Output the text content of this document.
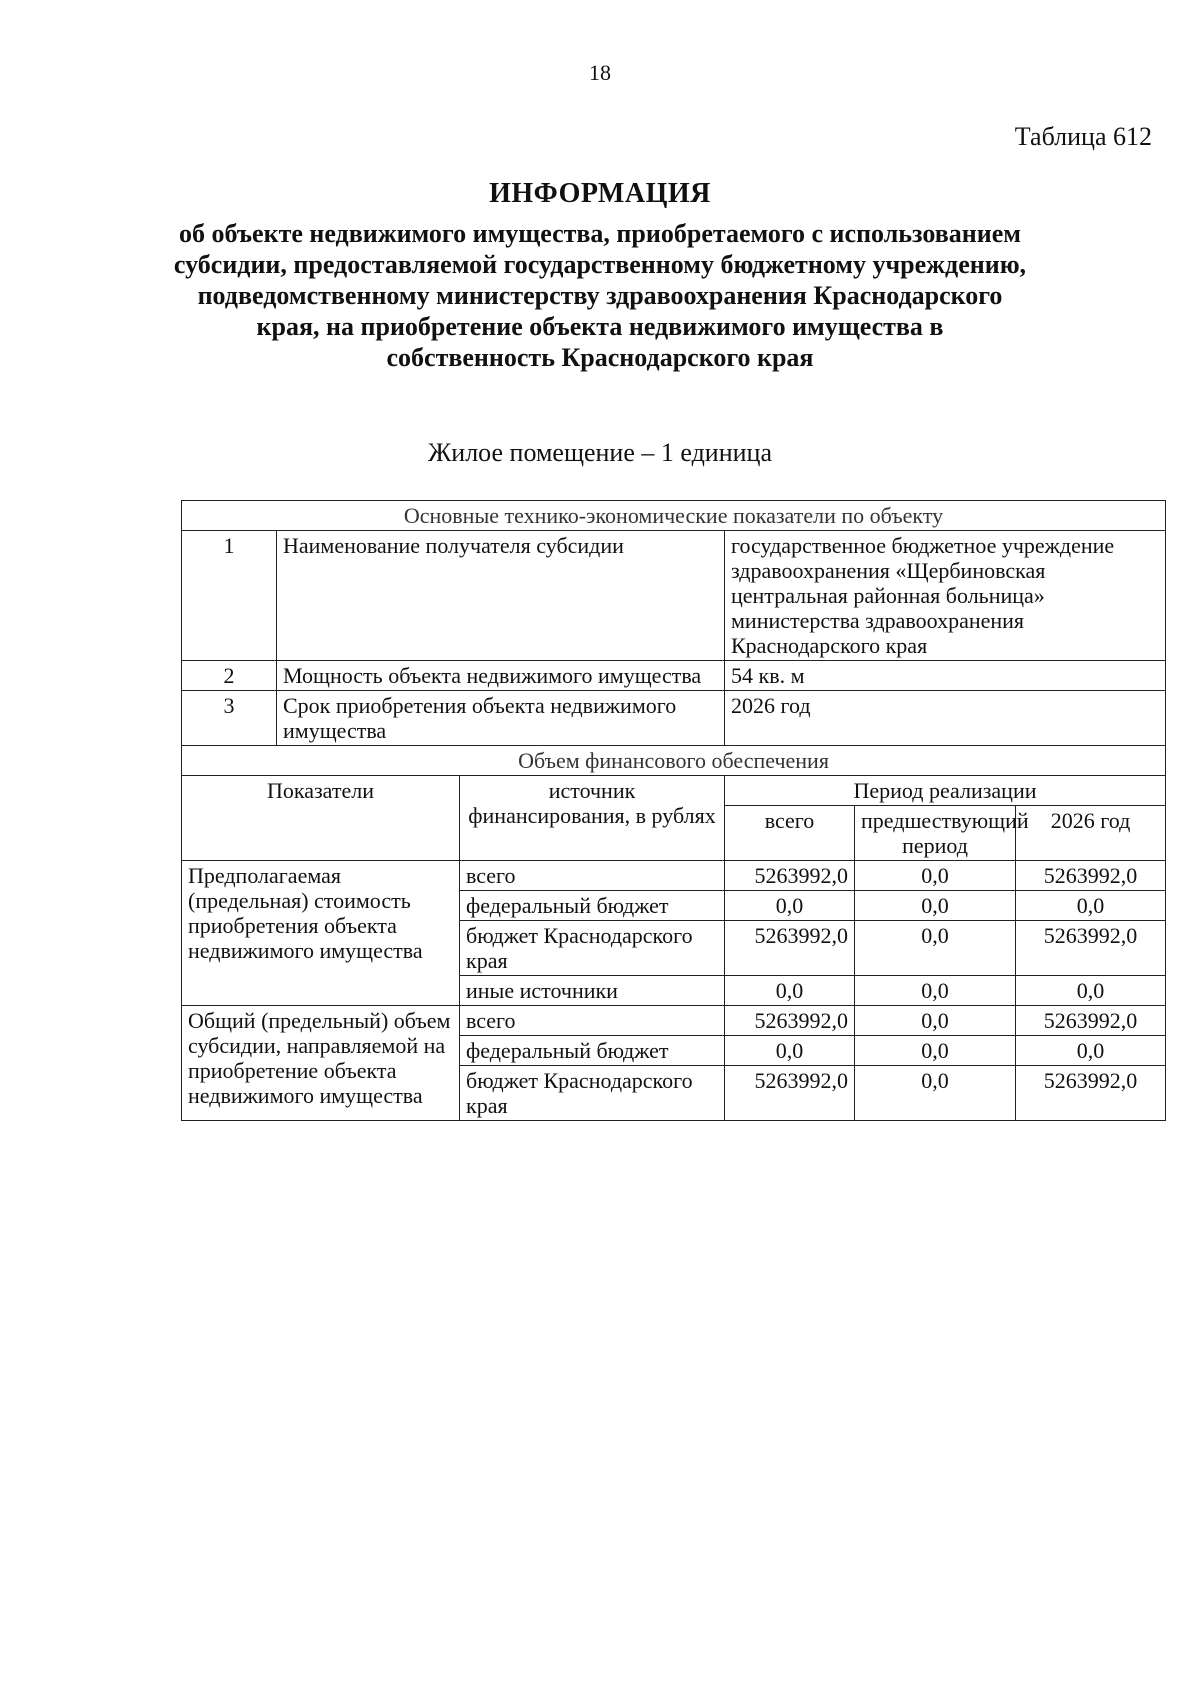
18
Таблица 612
ИНФОРМАЦИЯ
об объекте недвижимого имущества, приобретаемого с использованием субсидии, предоставляемой государственному бюджетному учреждению, подведомственному министерству здравоохранения Краснодарского края, на приобретение объекта недвижимого имущества в собственность Краснодарского края
Жилое помещение – 1 единица
Основные технико-экономические показатели по объекту					
1	Наименование получателя субсидии		государственное бюджетное учреждение здравоохранения «Щербиновская центральная районная больница» министерства здравоохранения Краснодарского края		
2	Мощность объекта недвижимого имущества		54 кв. м		
3	Срок приобретения объекта недвижимого имущества		2026 год		
Объем финансового обеспечения					
Показатели		источник финансирования, в рублях	Период реализации		
			всего	предшествующий период	2026 год
Предполагаемая (предельная) стоимость приобретения объекта недвижимого имущества		всего	5263992,0	0,0	5263992,0
		федеральный бюджет	0,0	0,0	0,0
		бюджет Краснодарского края	5263992,0	0,0	5263992,0
		иные источники	0,0	0,0	0,0
Общий (предельный) объем субсидии, направляемой на приобретение объекта недвижимого имущества		всего	5263992,0	0,0	5263992,0
		федеральный бюджет	0,0	0,0	0,0
		бюджет Краснодарского края	5263992,0	0,0	5263992,0
